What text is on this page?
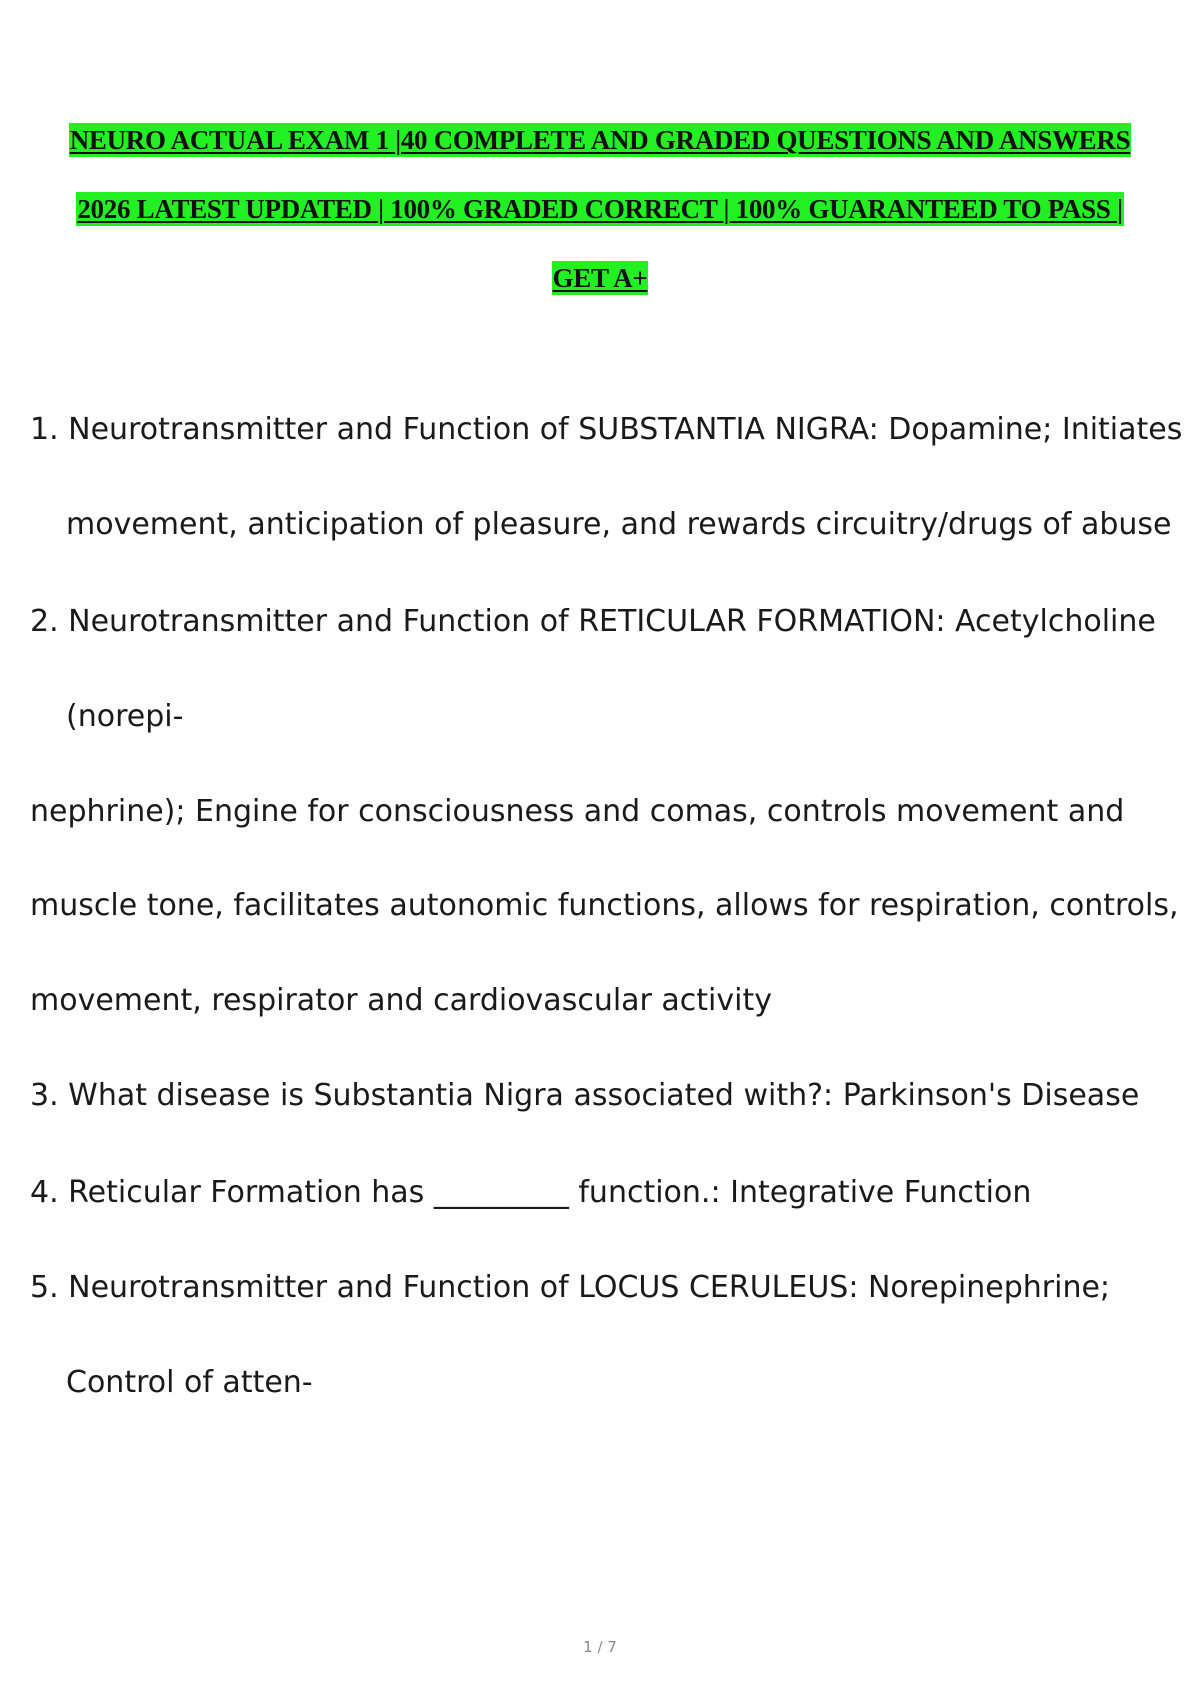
NEURO ACTUAL EXAM 1 |40 COMPLETE AND GRADED QUESTIONS AND ANSWERS
2026 LATEST UPDATED | 100% GRADED CORRECT | 100% GUARANTEED TO PASS |
GET A+
1. Neurotransmitter and Function of SUBSTANTIA NIGRA: Dopamine; Initiates
movement, anticipation of pleasure, and rewards circuitry/drugs of abuse
2. Neurotransmitter and Function of RETICULAR FORMATION: Acetylcholine
(norepi-
nephrine); Engine for consciousness and comas, controls movement and
muscle tone, facilitates autonomic functions, allows for respiration, controls,
movement, respirator and cardiovascular activity
3. What disease is Substantia Nigra associated with?: Parkinson's Disease
4. Reticular Formation has _________ function.: Integrative Function
5. Neurotransmitter and Function of LOCUS CERULEUS: Norepinephrine;
Control of atten-
1 / 7
